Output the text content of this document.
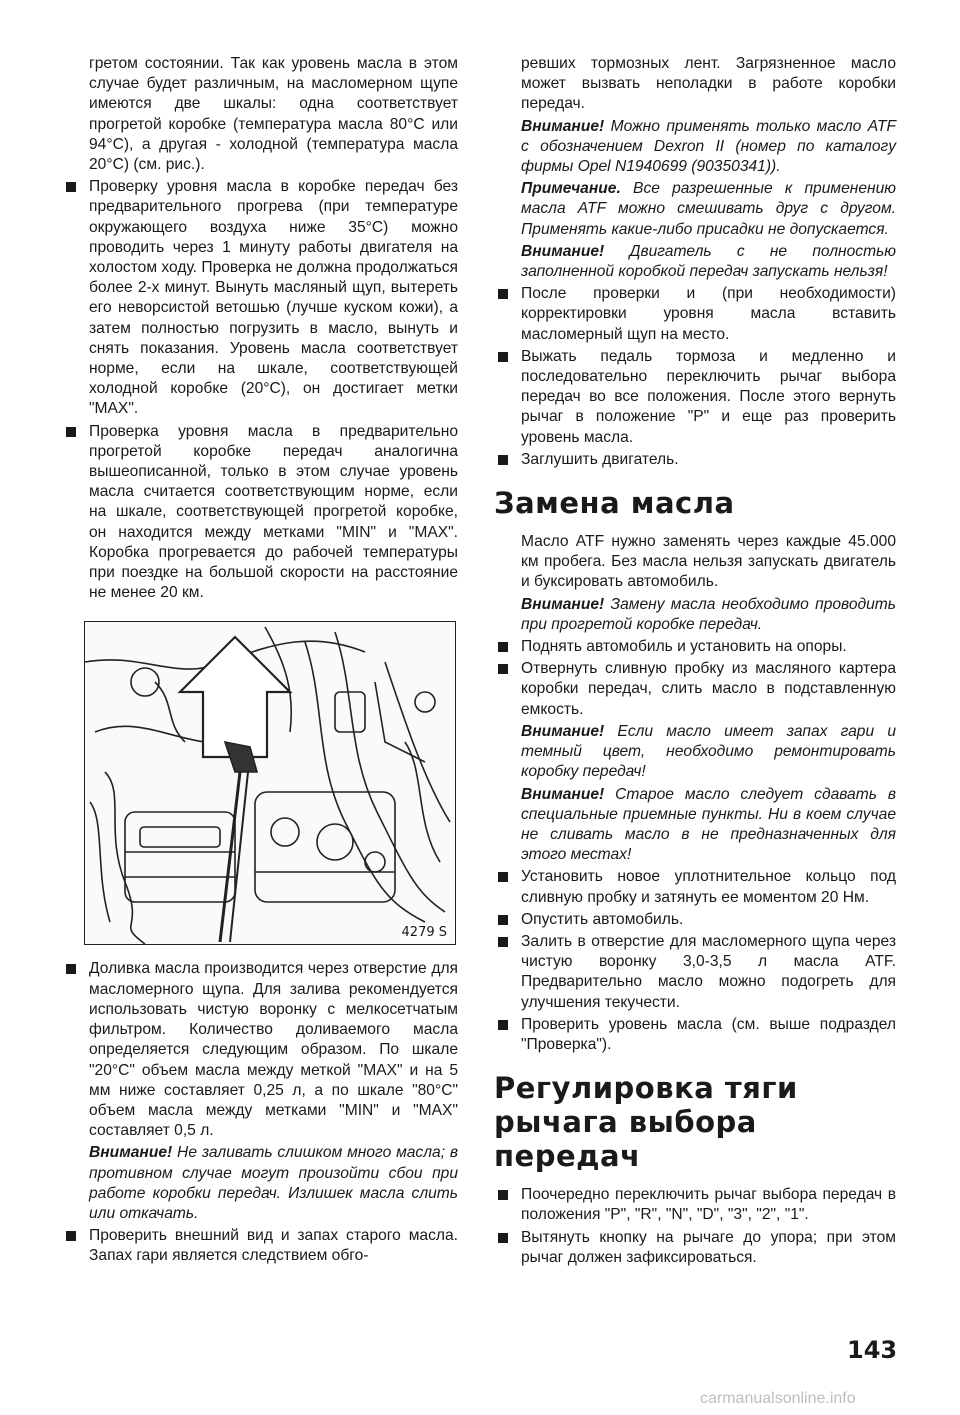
гретом состоянии. Так как уровень масла в этом случае будет различным, на масломерном щупе имеются две шкалы: одна соответствует прогретой коробке (температура масла 80°С или 94°С), а другая - холодной (температура масла 20°С) (см. рис.).

Проверку уровня масла в коробке передач без предварительного прогрева (при температуре окружающего воздуха ниже 35°С) можно проводить через 1 минуту работы двигателя на холостом ходу. Проверка не должна продолжаться более 2-х минут. Вынуть масляный щуп, вытереть его неворсистой ветошью (лучше куском кожи), а затем полностью погрузить в масло, вынуть и снять показания. Уровень масла соответствует норме, если на шкале, соответствующей холодной коробке (20°С), он достигает метки "МАХ".

Проверка уровня масла в предварительно прогретой коробке передач аналогична вышеописанной, только в этом случае уровень масла считается соответствующим норме, если на шкале, соответствующей прогретой коробке, он находится между метками "MIN" и "МАХ". Коробка прогревается до рабочей температуры при поездке на большой скорости на расстояние не менее 20 км.

4279 S

Доливка масла производится через отверстие для масломерного щупа. Для залива рекомендуется использовать чистую воронку с мелкосетчатым фильтром. Количество доливаемого масла определяется следующим образом. По шкале "20°С" объем масла между меткой "МАХ" и на 5 мм ниже составляет 0,25 л, а по шкале "80°С" объем масла между метками "MIN" и "МАХ" составляет 0,5 л.

Внимание! Не заливать слишком много масла; в противном случае могут произойти сбои при работе коробки передач. Излишек масла слить или откачать.

Проверить внешний вид и запах старого масла. Запах гари является следствием обго-

ревших тормозных лент. Загрязненное масло может вызвать неполадки в работе коробки передач.

Внимание! Можно применять только масло ATF с обозначением Dexron II (номер по каталогу фирмы Opel N1940699 (90350341)).

Примечание. Все разрешенные к применению масла ATF можно смешивать друг с другом. Применять какие-либо присадки не допускается.

Внимание! Двигатель с не полностью заполненной коробкой передач запускать нельзя!

После проверки и (при необходимости) корректировки уровня масла вставить масломерный щуп на место.

Выжать педаль тормоза и медленно и последовательно переключить рычаг выбора передач во все положения. После этого вернуть рычаг в положение "Р" и еще раз проверить уровень масла.

Заглушить двигатель.

Замена масла

Масло ATF нужно заменять через каждые 45.000 км пробега. Без масла нельзя запускать двигатель и буксировать автомобиль.

Внимание! Замену масла необходимо проводить при прогретой коробке передач.

Поднять автомобиль и установить на опоры.

Отвернуть сливную пробку из масляного картера коробки передач, слить масло в подставленную емкость.

Внимание! Если масло имеет запах гари и темный цвет, необходимо ремонтировать коробку передач!

Внимание! Старое масло следует сдавать в специальные приемные пункты. Ни в коем случае не сливать масло в не предназначенных для этого местах!

Установить новое уплотнительное кольцо под сливную пробку и затянуть ее моментом 20 Нм.

Опустить автомобиль.

Залить в отверстие для масломерного щупа через чистую воронку 3,0-3,5 л масла ATF. Предварительно масло можно подогреть для улучшения текучести.

Проверить уровень масла (см. выше подраздел "Проверка").

Регулировка тяги рычага выбора передач

Поочередно переключить рычаг выбора передач в положения "Р", "R", "N", "D", "3", "2", "1".

Вытянуть кнопку на рычаге до упора; при этом рычаг должен зафиксироваться.

143
carmanualsonline.info
